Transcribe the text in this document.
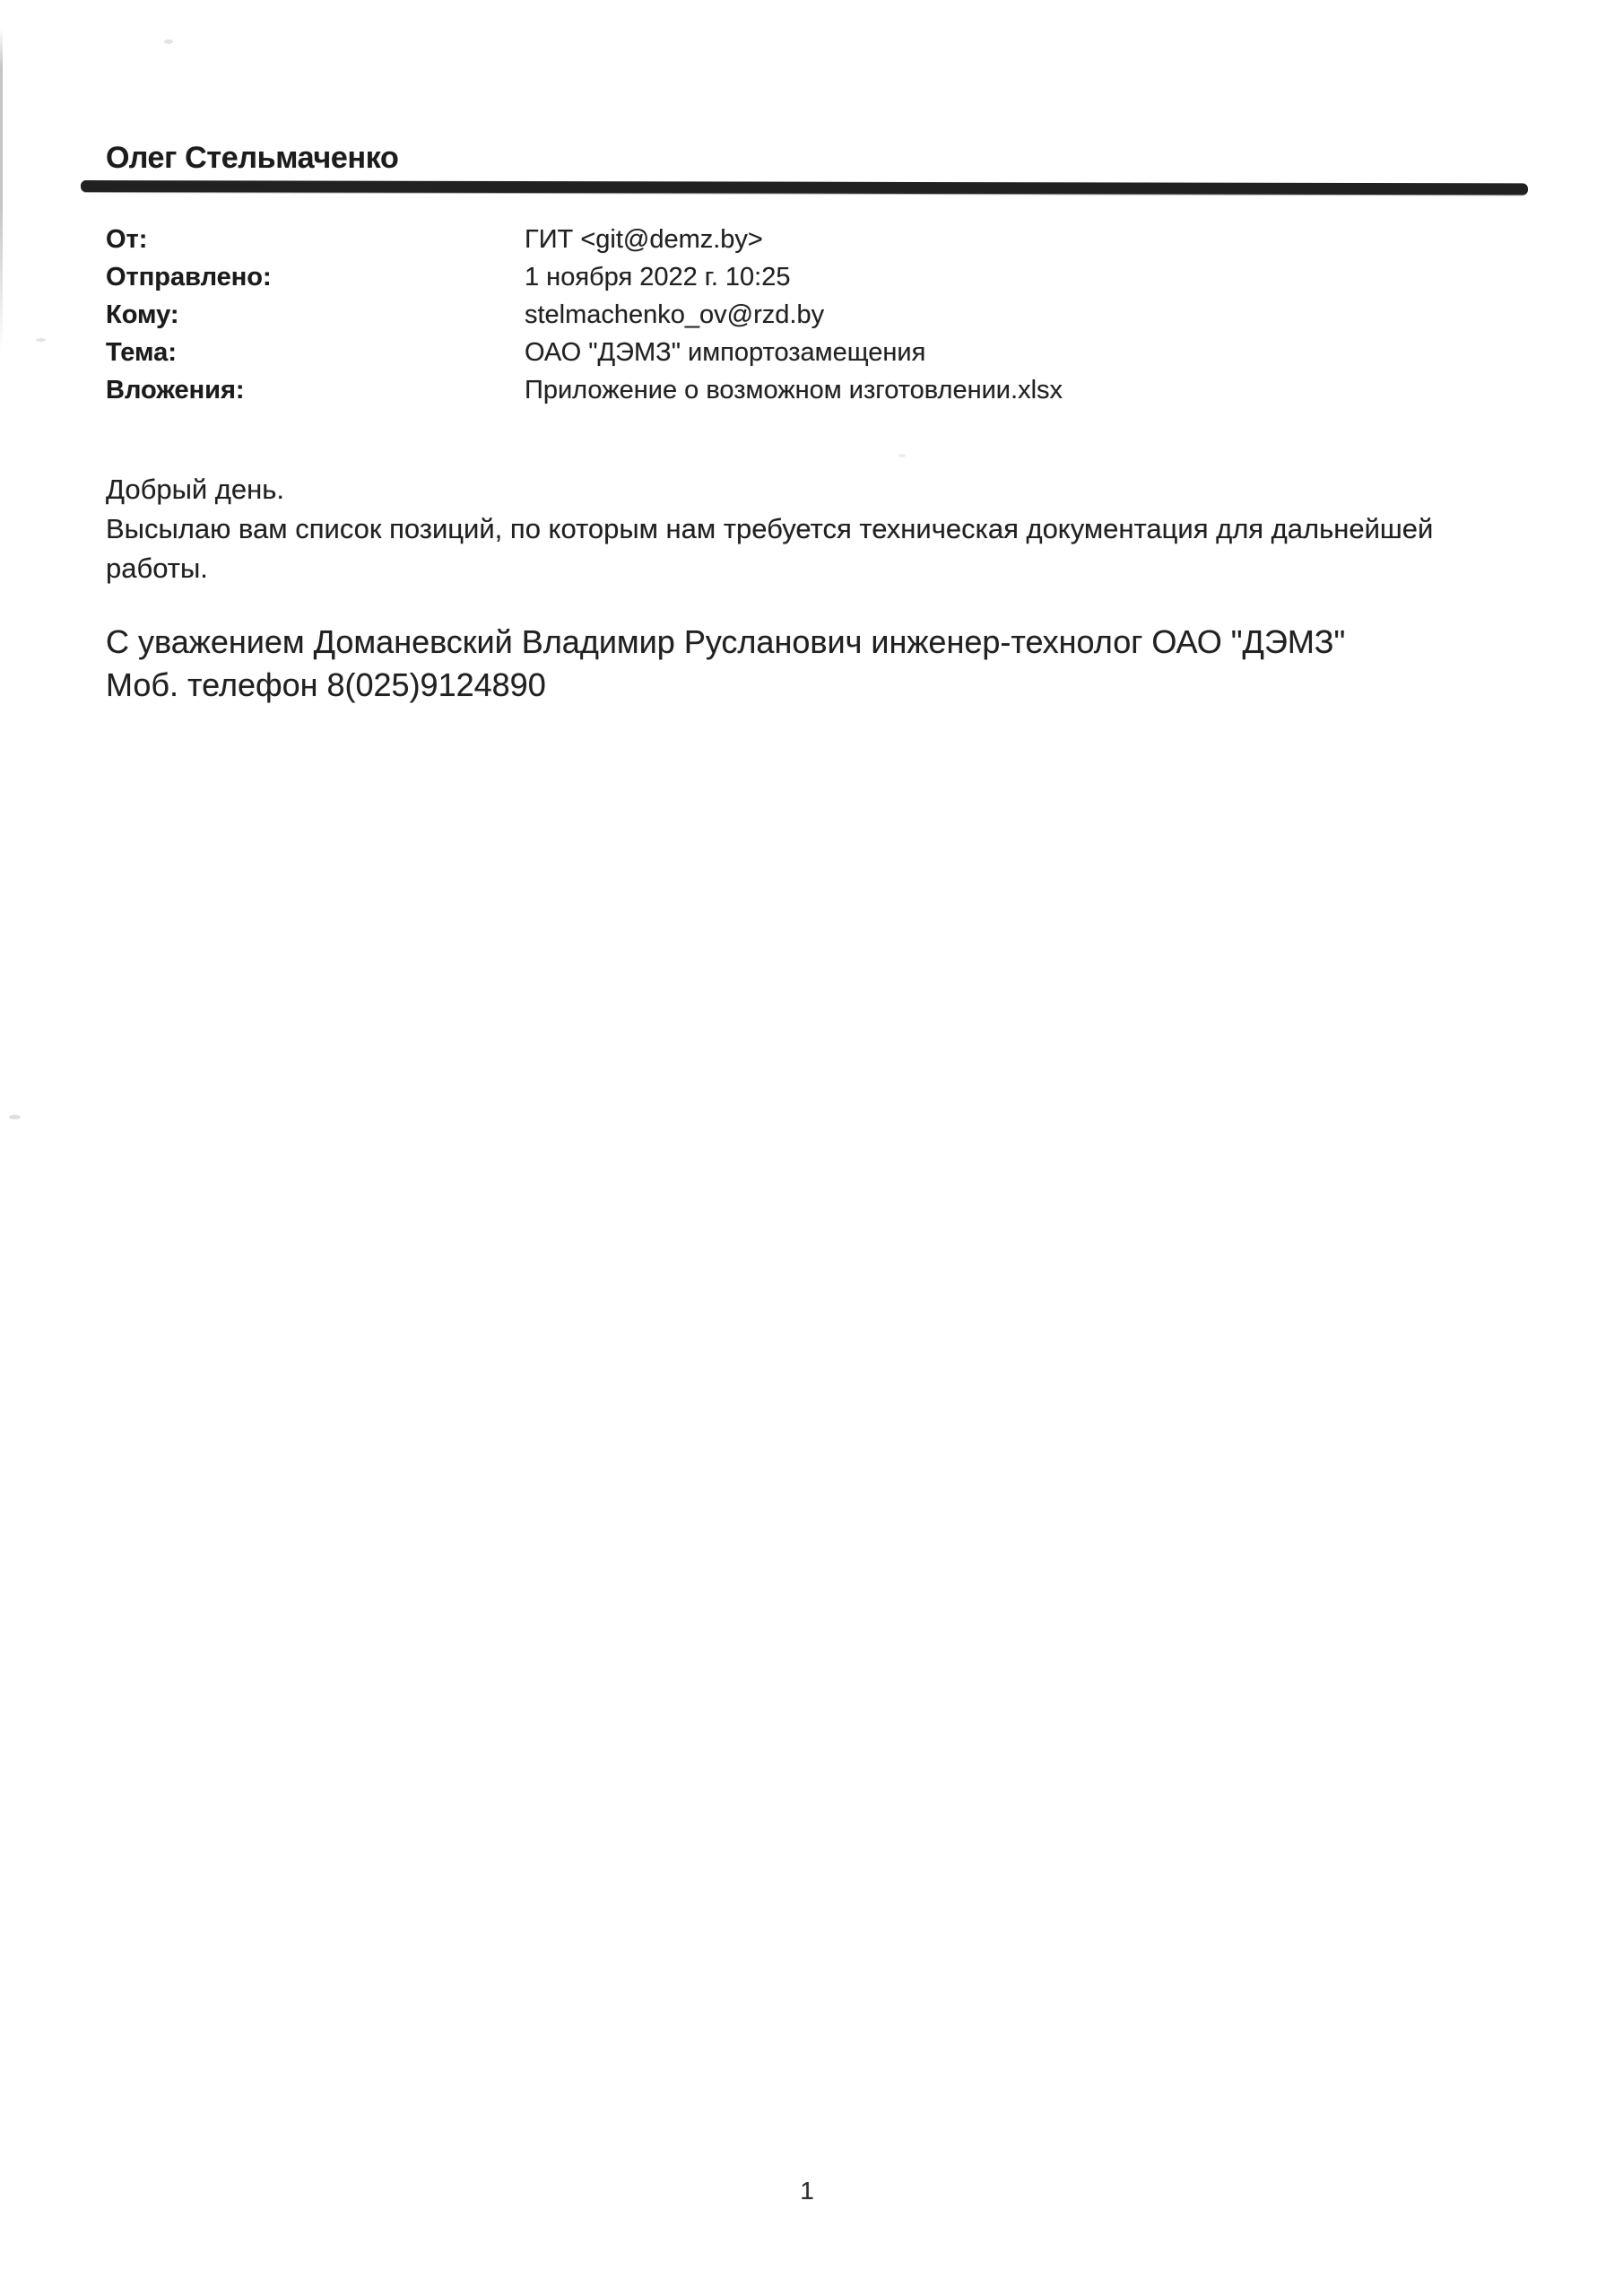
Олег Стельмаченко
От:	ГИТ <git@demz.by>
Отправлено:	1 ноября 2022 г. 10:25
Кому:	stelmachenko_ov@rzd.by
Тема:	ОАО "ДЭМЗ" импортозамещения
Вложения:	Приложение о возможном изготовлении.xlsx
Добрый день.
Высылаю вам список позиций, по которым нам требуется техническая документация для дальнейшей
работы.
С уважением Доманевский Владимир Русланович инженер-технолог ОАО "ДЭМЗ"
Моб. телефон 8(025)9124890
1
